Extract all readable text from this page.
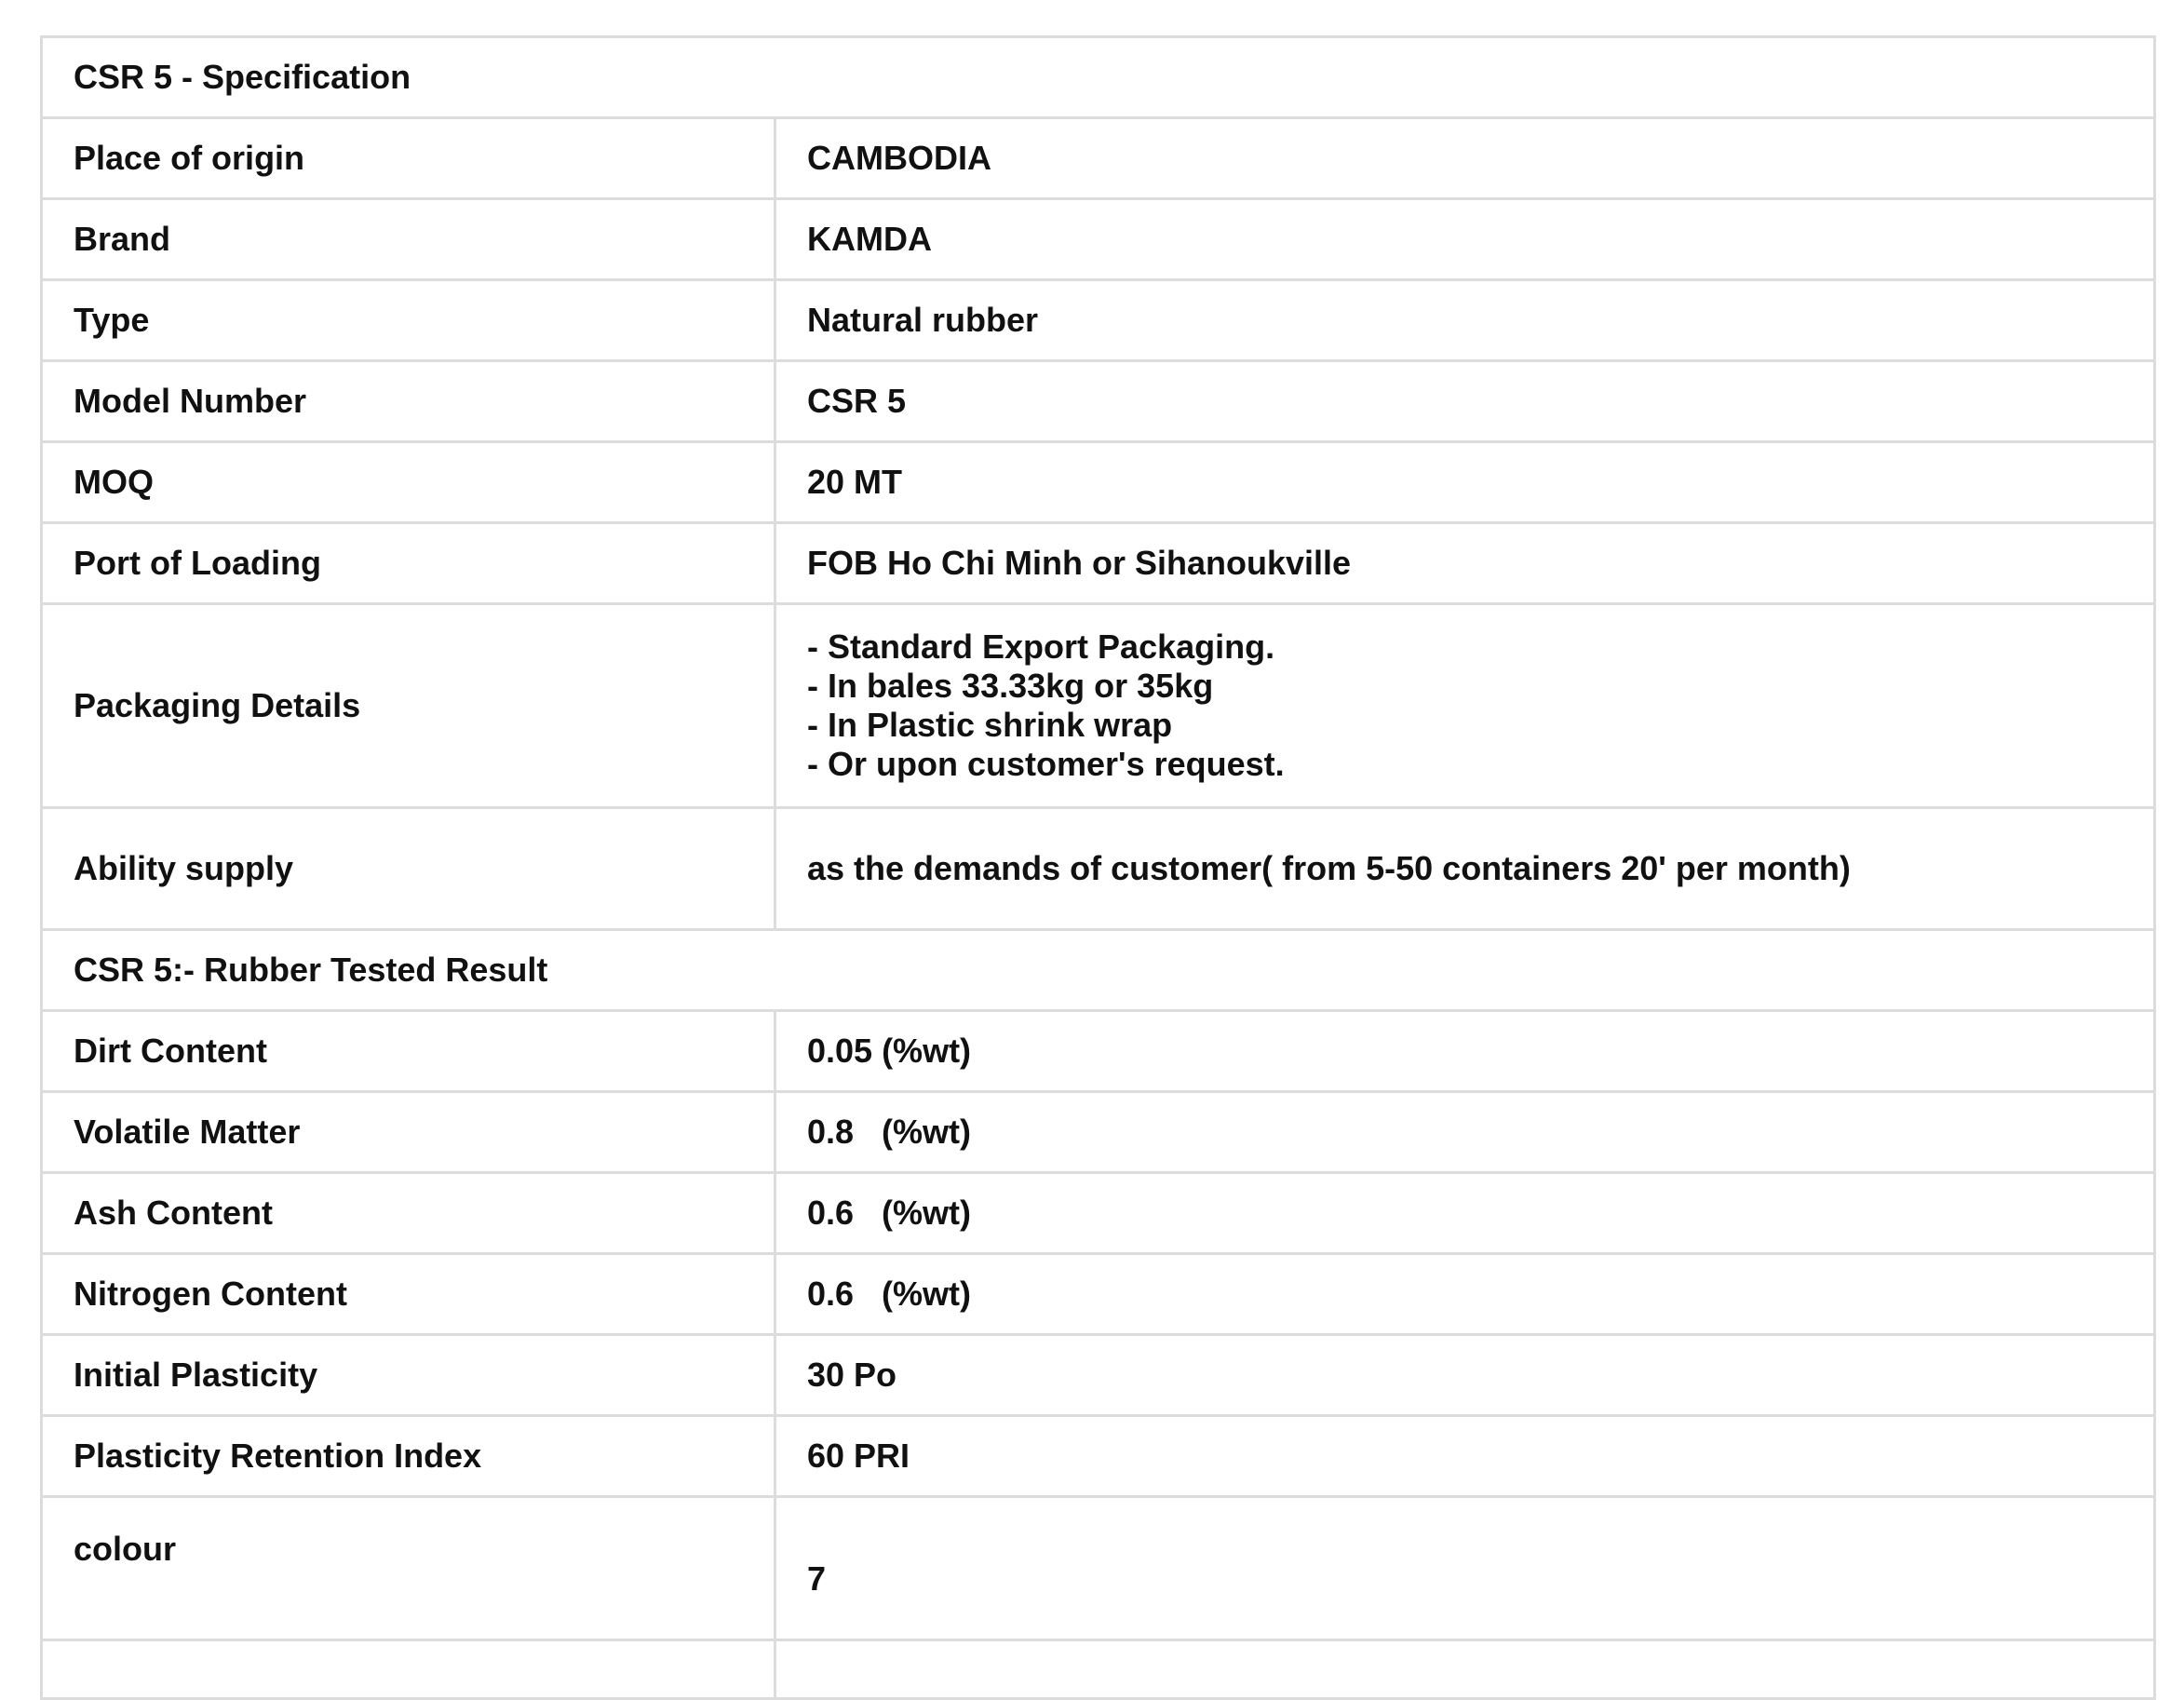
CSR 5 - Specification	
Place of origin	CAMBODIA
Brand	KAMDA
Type	Natural rubber
Model Number	CSR 5
MOQ	20 MT
Port of Loading	FOB Ho Chi Minh or Sihanoukville
Packaging Details	- Standard Export Packaging.
- In bales 33.33kg or 35kg
- In Plastic shrink wrap
- Or upon customer's request.

Ability supply	as the demands of customer( from 5-50 containers 20' per month)
CSR 5:- Rubber Tested Result	
Dirt Content	0.05 (%wt)
Volatile Matter	0.8   (%wt)
Ash Content	0.6   (%wt)
Nitrogen Content	0.6   (%wt)
Initial Plasticity	30 Po
Plasticity Retention Index	60 PRI
colour	7
